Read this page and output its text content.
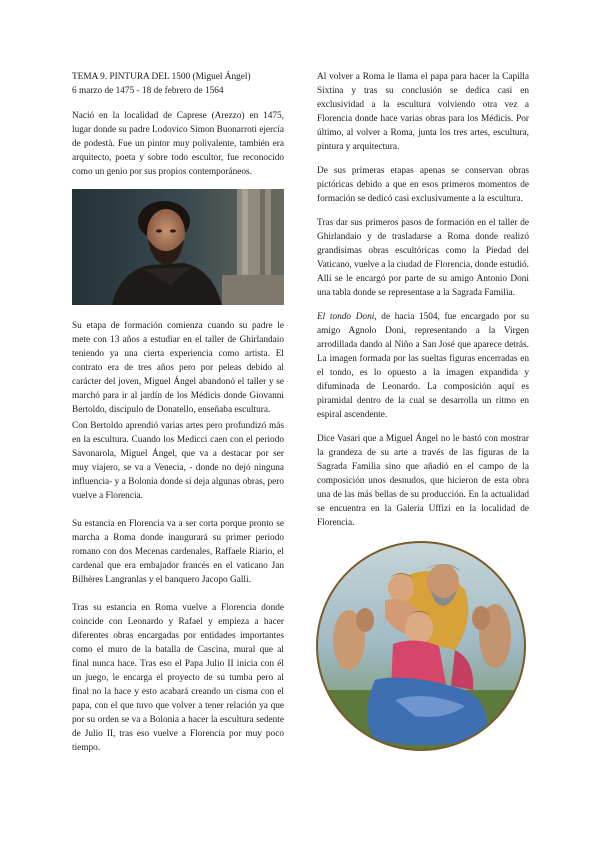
TEMA 9. PINTURA DEL 1500 (Miguel Ángel)
6 marzo de 1475 - 18 de febrero de 1564

Nació en la localidad de Caprese (Arezzo) en 1475, lugar donde su padre Lodovico Simon Buonarroti ejercía de podestà. Fue un pintor muy polivalente, también era arquitecto, poeta y sobre todo escultor, fue reconocido como un genio por sus propios contemporáneos.

Su etapa de formación comienza cuando su padre le mete con 13 años a estudiar en el taller de Ghirlandaio teniendo ya una cierta experiencia como artista. El contrato era de tres años pero por peleas debido al carácter del joven, Miguel Ángel abandonó el taller y se marchó para ir al jardín de los Médicis donde Giovanni Bertoldo, discípulo de Donatello, enseñaba escultura.

Con Bertoldo aprendió varias artes pero profundizó más en la escultura. Cuando los Medicci caen con el periodo Savonarola, Miguel Ángel, que va a destacar por ser muy viajero, se va a Venecia, - donde no dejó ninguna influencia- y a Bolonia donde sí deja algunas obras, pero vuelve a Florencia.

Su estancia en Florencia va a ser corta porque pronto se marcha a Roma donde inaugurará su primer periodo romano con dos Mecenas cardenales, Raffaele Riario, el cardenal que era embajador francés en el vaticano Jan Bilhères Langranlas y el banquero Jacopo Galli.

Tras su estancia en Roma vuelve a Florencia donde coincide con Leonardo y Rafael y empieza a hacer diferentes obras encargadas por entidades importantes como el muro de la batalla de Cascina, mural que al final nunca hace. Tras eso el Papa Julio II inicia con él un juego, le encarga el proyecto de su tumba pero al final no la hace y esto acabará creando un cisma con el papa, con el que tuvo que volver a tener relación ya que por su orden se va a Bolonia a hacer la escultura sedente de Julio II, tras eso vuelve a Florencia por muy poco tiempo.

Al volver a Roma le llama el papa para hacer la Capilla Sixtina y tras su conclusión se dedica casi en exclusividad a la escultura volviendo otra vez a Florencia donde hace varias obras para los Médicis. Por último, al volver a Roma, junta los tres artes, escultura, pintura y arquitectura.

De sus primeras etapas apenas se conservan obras pictóricas debido a que en esos primeros momentos de formación se dedicó casi exclusivamente a la escultura.

Tras dar sus primeros pasos de formación en el taller de Ghirlandaio y de trasladarse a Roma donde realizó grandísimas obras escultóricas como la Piedad del Vaticano, vuelve a la ciudad de Florencia, donde estudió. Allí se le encargó por parte de su amigo Antonio Doni una tabla donde se representase a la Sagrada Familia.

El tondo Doni, de hacia 1504, fue encargado por su amigo Agnolo Doni, representando a la Virgen arrodillada dando al Niño a San José que aparece detrás. La imagen formada por las sueltas figuras encerradas en el tondo, es lo opuesto a la imagen expandida y difuminada de Leonardo. La composición aquí es piramidal dentro de la cual se desarrolla un ritmo en espiral ascendente.

Dice Vasari que a Miguel Ángel no le bastó con mostrar la grandeza de su arte a través de las figuras de la Sagrada Familia sino que añadió en el campo de la composición unos desnudos, que hicieron de esta obra una de las más bellas de su producción. En la actualidad se encuentra en la Galería Uffizi en la localidad de Florencia.
